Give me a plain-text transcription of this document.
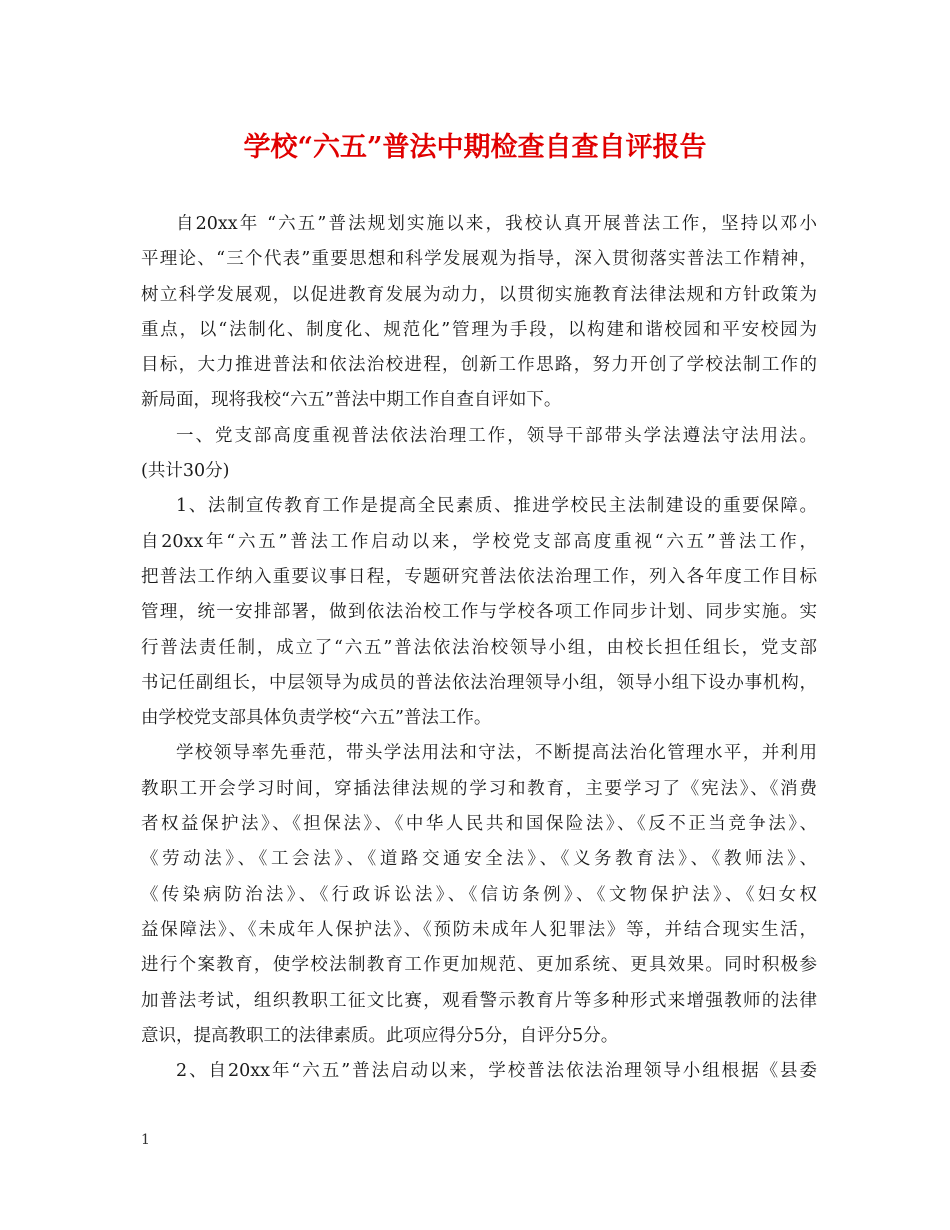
学校“六五”普法中期检查自查自评报告
自20xx年 “六五”普法规划实施以来，我校认真开展普法工作，坚持以邓小
平理论、“三个代表”重要思想和科学发展观为指导，深入贯彻落实普法工作精神，
树立科学发展观，以促进教育发展为动力，以贯彻实施教育法律法规和方针政策为
重点，以“法制化、制度化、规范化”管理为手段，以构建和谐校园和平安校园为
目标，大力推进普法和依法治校进程，创新工作思路，努力开创了学校法制工作的
新局面，现将我校“六五”普法中期工作自查自评如下。
一、党支部高度重视普法依法治理工作，领导干部带头学法遵法守法用法。
(共计30分)
1、法制宣传教育工作是提高全民素质、推进学校民主法制建设的重要保障。
自20xx年“六五”普法工作启动以来，学校党支部高度重视“六五”普法工作，
把普法工作纳入重要议事日程，专题研究普法依法治理工作，列入各年度工作目标
管理，统一安排部署，做到依法治校工作与学校各项工作同步计划、同步实施。实
行普法责任制，成立了“六五”普法依法治校领导小组，由校长担任组长，党支部
书记任副组长，中层领导为成员的普法依法治理领导小组，领导小组下设办事机构，
由学校党支部具体负责学校“六五”普法工作。
学校领导率先垂范，带头学法用法和守法，不断提高法治化管理水平，并利用
教职工开会学习时间，穿插法律法规的学习和教育，主要学习了《宪法》、《消费
者权益保护法》、《担保法》、《中华人民共和国保险法》、《反不正当竞争法》、
《劳动法》、《工会法》、《道路交通安全法》、《义务教育法》、《教师法》、
《传染病防治法》、《行政诉讼法》、《信访条例》、《文物保护法》、《妇女权
益保障法》、《未成年人保护法》、《预防未成年人犯罪法》等，并结合现实生活，
进行个案教育，使学校法制教育工作更加规范、更加系统、更具效果。同时积极参
加普法考试，组织教职工征文比赛，观看警示教育片等多种形式来增强教师的法律
意识，提高教职工的法律素质。此项应得分5分，自评分5分。
2、自20xx年“六五”普法启动以来，学校普法依法治理领导小组根据《县委
1
